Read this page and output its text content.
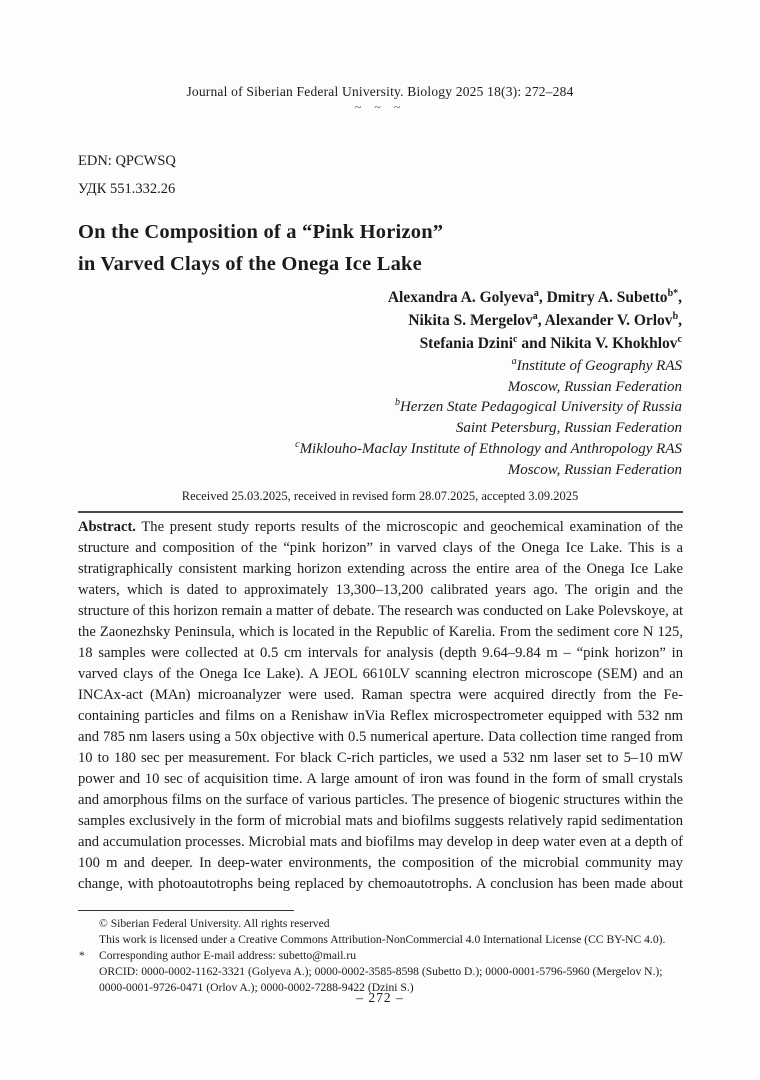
Journal of Siberian Federal University. Biology 2025 18(3): 272–284
~ ~ ~
EDN: QPCWSQ
УДК 551.332.26
On the Composition of a “Pink Horizon”
in Varved Clays of the Onega Ice Lake
Alexandra A. Golyeva$^a$, Dmitry A. Subetto$^{b*}$,
Nikita S. Mergelov$^a$, Alexander V. Orlov$^b$,
Stefania Dzini$^c$ and Nikita V. Khokhlov$^c$
$^a$Institute of Geography RAS
Moscow, Russian Federation
$^b$Herzen State Pedagogical University of Russia
Saint Petersburg, Russian Federation
$^c$Miklouho-Maclay Institute of Ethnology and Anthropology RAS
Moscow, Russian Federation
Received 25.03.2025, received in revised form 28.07.2025, accepted 3.09.2025
Abstract. The present study reports results of the microscopic and geochemical examination of the structure and composition of the “pink horizon” in varved clays of the Onega Ice Lake. This is a stratigraphically consistent marking horizon extending across the entire area of the Onega Ice Lake waters, which is dated to approximately 13,300–13,200 calibrated years ago. The origin and the structure of this horizon remain a matter of debate. The research was conducted on Lake Polevskoye, at the Zaonezhsky Peninsula, which is located in the Republic of Karelia. From the sediment core N 125, 18 samples were collected at 0.5 cm intervals for analysis (depth 9.64–9.84 m – “pink horizon” in varved clays of the Onega Ice Lake). A JEOL 6610LV scanning electron microscope (SEM) and an INCAx-act (MAn) microanalyzer were used. Raman spectra were acquired directly from the Fe-containing particles and films on a Renishaw inVia Reflex microspectrometer equipped with 532 nm and 785 nm lasers using a 50x objective with 0.5 numerical aperture. Data collection time ranged from 10 to 180 sec per measurement. For black C-rich particles, we used a 532 nm laser set to 5–10 mW power and 10 sec of acquisition time. A large amount of iron was found in the form of small crystals and amorphous films on the surface of various particles. The presence of biogenic structures within the samples exclusively in the form of microbial mats and biofilms suggests relatively rapid sedimentation and accumulation processes. Microbial mats and biofilms may develop in deep water even at a depth of 100 m and deeper. In deep-water environments, the composition of the microbial community may change, with photoautotrophs being replaced by chemoautotrophs. A conclusion has been made about
© Siberian Federal University. All rights reserved
This work is licensed under a Creative Commons Attribution-NonCommercial 4.0 International License (CC BY-NC 4.0).
* Corresponding author E-mail address: subetto@mail.ru
ORCID: 0000-0002-1162-3321 (Golyeva A.); 0000-0002-3585-8598 (Subetto D.); 0000-0001-5796-5960 (Mergelov N.); 0000-0001-9726-0471 (Orlov A.); 0000-0002-7288-9422 (Dzini S.)
– 272 –
